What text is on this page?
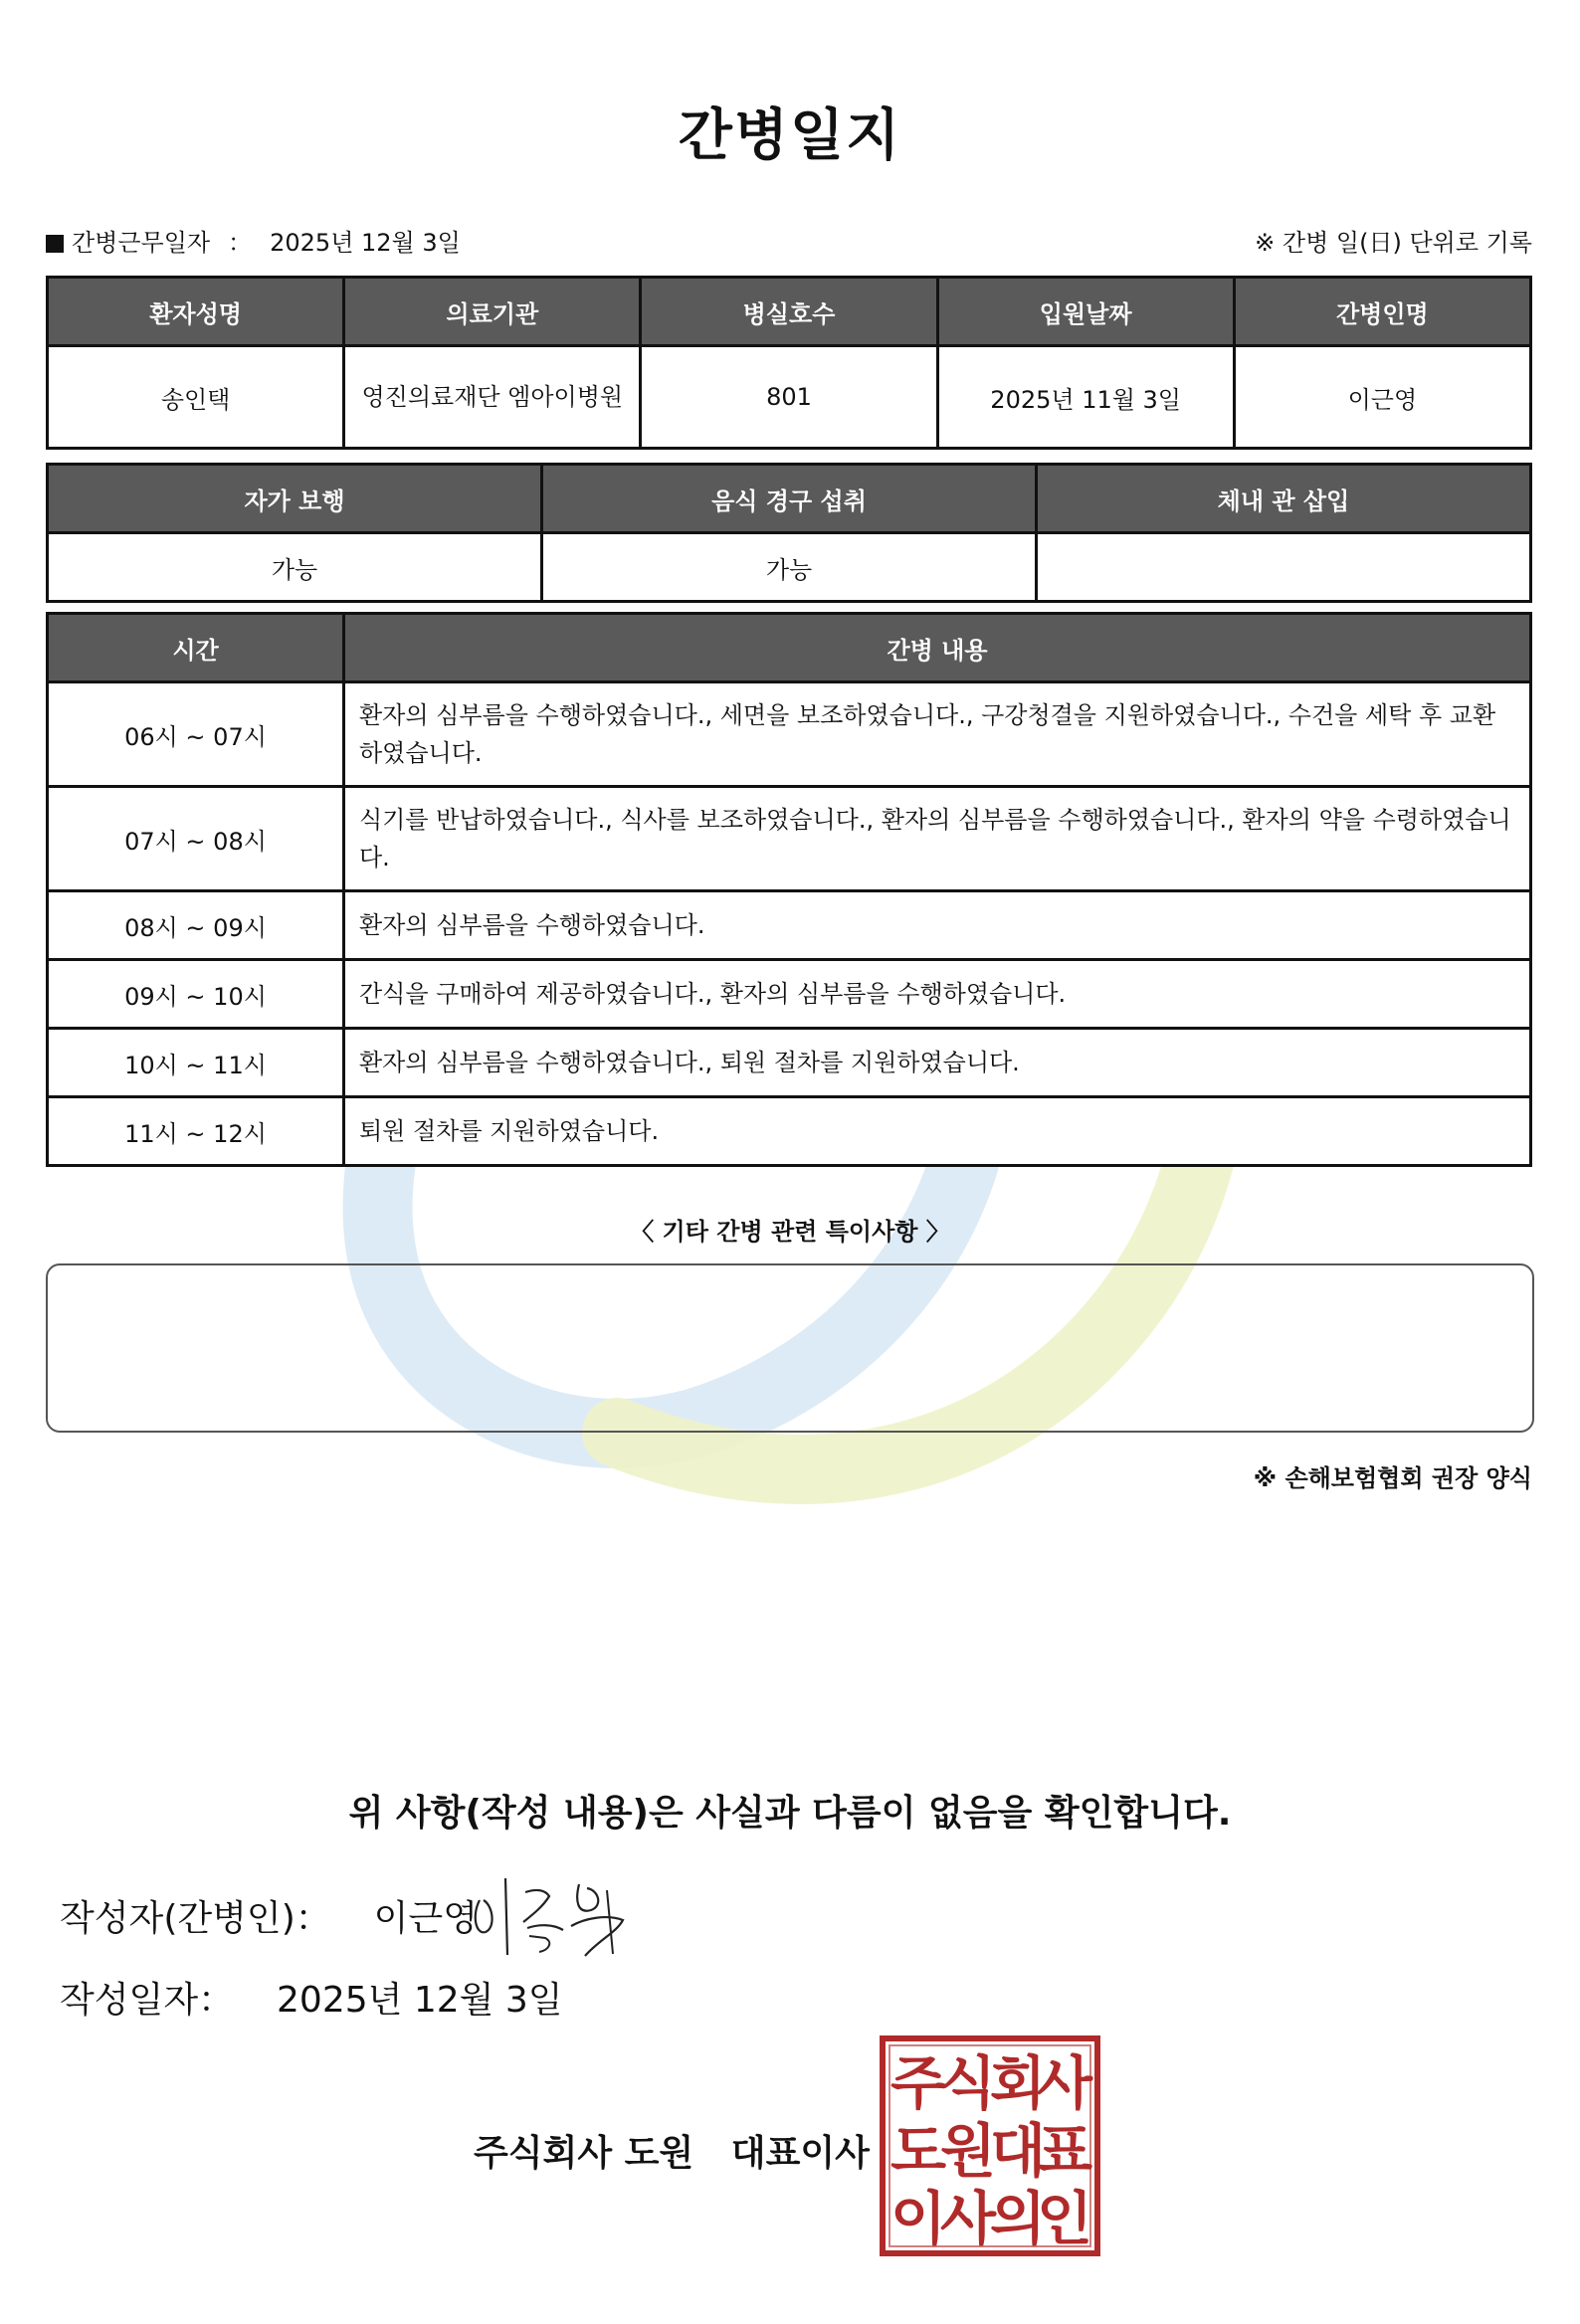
간병일지
간병근무일자 ： 2025년 12월 3일	※ 간병 일(日) 단위로 기록
환자성명	의료기관	병실호수	입원날짜	간병인명
송인택	영진의료재단 엠아이병원	801	2025년 11월 3일	이근영
자가 보행	음식 경구 섭취	체내 관 삽입
가능	가능	
시간	간병 내용
06시 ~ 07시	환자의 심부름을 수행하였습니다., 세면을 보조하였습니다., 구강청결을 지원하였습니다., 수건을 세탁 후 교환하였습니다.
07시 ~ 08시	식기를 반납하였습니다., 식사를 보조하였습니다., 환자의 심부름을 수행하였습니다., 환자의 약을 수령하였습니다.
08시 ~ 09시	환자의 심부름을 수행하였습니다.
09시 ~ 10시	간식을 구매하여 제공하였습니다., 환자의 심부름을 수행하였습니다.
10시 ~ 11시	환자의 심부름을 수행하였습니다., 퇴원 절차를 지원하였습니다.
11시 ~ 12시	퇴원 절차를 지원하였습니다.
〈 기타 간병 관련 특이사항 〉
※ 손해보험협회 권장 양식
위 사항(작성 내용)은 사실과 다름이 없음을 확인합니다.
작성자(간병인)： 이근영
작성일자： 2025년 12월 3일
주식회사 도원   대표이사
주
식
회
사
도
원
대
표
이
사
의
인
